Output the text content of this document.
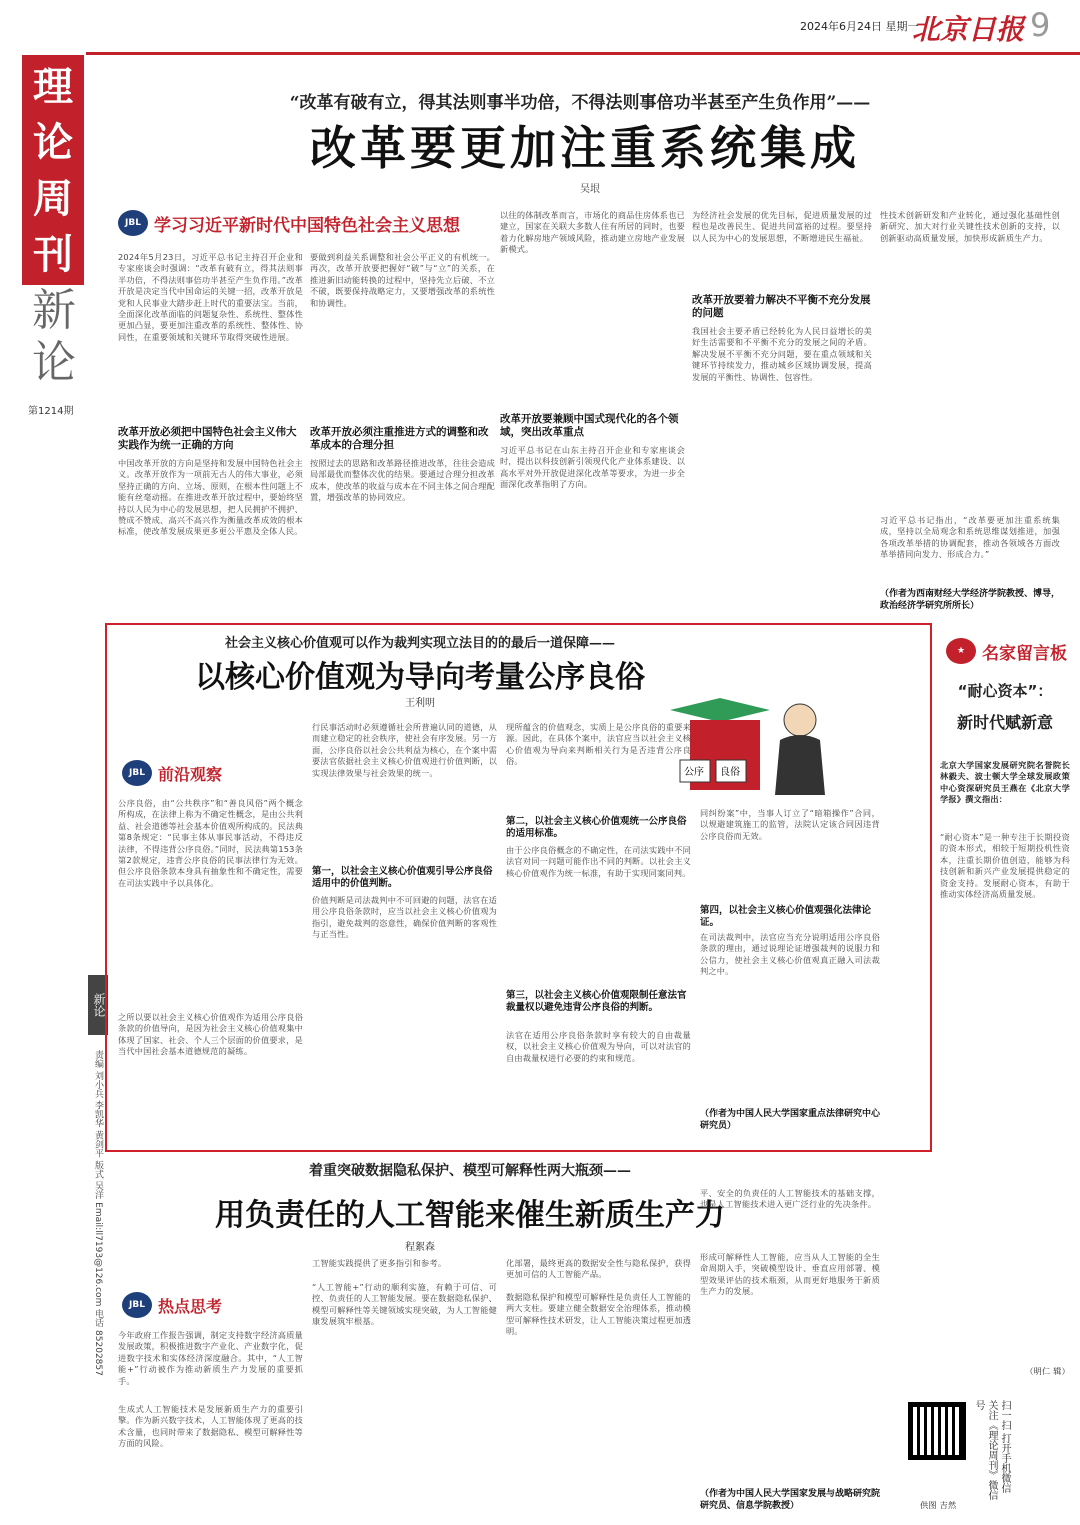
理
论
周
刊
新
论
第1214期
新论
责编 刘小兵 李凯华 黄剑平 版式 吴洋 Email:ll7193@126.com 电话 85202857
2024年6月24日 星期一
北京日报 9
“改革有破有立，得其法则事半功倍，不得法则事倍功半甚至产生负作用”——
改革要更加注重系统集成
吴垠
JBL 学习习近平新时代中国特色社会主义思想
2024年5月23日，习近平总书记主持召开企业和专家座谈会时强调：“改革有破有立，得其法则事半功倍，不得法则事倍功半甚至产生负作用。”改革开放是决定当代中国命运的关键一招，改革开放是党和人民事业大踏步赶上时代的重要法宝。当前，全面深化改革面临的问题复杂性、系统性、整体性更加凸显，要更加注重改革的系统性、整体性、协同性，在重要领域和关键环节取得突破性进展。
改革开放必须把中国特色社会主义伟大实践作为统一正确的方向
中国改革开放的方向是坚持和发展中国特色社会主义。改革开放作为一项前无古人的伟大事业，必须坚持正确的方向、立场、原则，在根本性问题上不能有丝毫动摇。在推进改革开放过程中，要始终坚持以人民为中心的发展思想，把人民拥护不拥护、赞成不赞成、高兴不高兴作为衡量改革成效的根本标准，使改革发展成果更多更公平惠及全体人民。
要做到利益关系调整和社会公平正义的有机统一。再次，改革开放要把握好“破”与“立”的关系，在推进新旧动能转换的过程中，坚持先立后破、不立不破，既要保持战略定力，又要增强改革的系统性和协调性。
改革开放必须注重推进方式的调整和改革成本的合理分担
按照过去的思路和改革路径推进改革，往往会造成局部最优而整体次优的结果。要通过合理分担改革成本，使改革的收益与成本在不同主体之间合理配置，增强改革的协同效应。
以往的体制改革而言，市场化的商品住房体系也已建立，国家在关联大多数人住有所居的同时，也要着力化解房地产领域风险，推动建立房地产业发展新模式。
改革开放要兼顾中国式现代化的各个领域，突出改革重点
习近平总书记在山东主持召开企业和专家座谈会时，提出以科技创新引领现代化产业体系建设、以高水平对外开放促进深化改革等要求，为进一步全面深化改革指明了方向。
为经济社会发展的优先目标，促进质量发展的过程也是改善民生、促进共同富裕的过程。要坚持以人民为中心的发展思想，不断增进民生福祉。
改革开放要着力解决不平衡不充分发展的问题
我国社会主要矛盾已经转化为人民日益增长的美好生活需要和不平衡不充分的发展之间的矛盾。解决发展不平衡不充分问题，要在重点领域和关键环节持续发力，推动城乡区域协调发展，提高发展的平衡性、协调性、包容性。
性技术创新研发和产业转化，通过强化基础性创新研究、加大对行业关键性技术创新的支持，以创新驱动高质量发展，加快形成新质生产力。
习近平总书记指出，“改革要更加注重系统集成，坚持以全局观念和系统思维谋划推进，加强各项改革举措的协调配套，推动各领域各方面改革举措同向发力、形成合力。”
（作者为西南财经大学经济学院教授、博导，政治经济学研究所所长）
社会主义核心价值观可以作为裁判实现立法目的的最后一道保障——
以核心价值观为导向考量公序良俗
王利明
公序 良俗
JBL 前沿观察
公序良俗，由“公共秩序”和“善良风俗”两个概念所构成，在法律上称为不确定性概念，是由公共利益、社会道德等社会基本价值观所构成的。民法典第8条规定：“民事主体从事民事活动，不得违反法律，不得违背公序良俗。”同时，民法典第153条第2款规定，违背公序良俗的民事法律行为无效。但公序良俗条款本身具有抽象性和不确定性，需要在司法实践中予以具体化。
之所以要以社会主义核心价值观作为适用公序良俗条款的价值导向，是因为社会主义核心价值观集中体现了国家、社会、个人三个层面的价值要求，是当代中国社会基本道德规范的凝练。
行民事活动时必须遵循社会所普遍认同的道德，从而建立稳定的社会秩序，使社会有序发展。另一方面，公序良俗以社会公共利益为核心，在个案中需要法官依据社会主义核心价值观进行价值判断，以实现法律效果与社会效果的统一。
第一，以社会主义核心价值观引导公序良俗适用中的价值判断。
价值判断是司法裁判中不可回避的问题，法官在适用公序良俗条款时，应当以社会主义核心价值观为指引，避免裁判的恣意性，确保价值判断的客观性与正当性。
现所蕴含的价值观念，实质上是公序良俗的重要来源。因此，在具体个案中，法官应当以社会主义核心价值观为导向来判断相关行为是否违背公序良俗。
第二，以社会主义核心价值观统一公序良俗的适用标准。
由于公序良俗概念的不确定性，在司法实践中不同法官对同一问题可能作出不同的判断。以社会主义核心价值观作为统一标准，有助于实现同案同判。
第三，以社会主义核心价值观限制任意法官裁量权以避免违背公序良俗的判断。
法官在适用公序良俗条款时享有较大的自由裁量权，以社会主义核心价值观为导向，可以对法官的自由裁量权进行必要的约束和规范。
同纠纷案”中，当事人订立了“暗箱操作”合同，以规避建筑施工的监管，法院认定该合同因违背公序良俗而无效。
第四，以社会主义核心价值观强化法律论证。
在司法裁判中，法官应当充分说明适用公序良俗条款的理由，通过说理论证增强裁判的说服力和公信力，使社会主义核心价值观真正融入司法裁判之中。
（作者为中国人民大学国家重点法律研究中心研究员）
★ 名家留言板
“耐心资本”：
新时代赋新意
北京大学国家发展研究院名誉院长林毅夫、波士顿大学全球发展政策中心资深研究员王燕在《北京大学学报》撰文指出：
“耐心资本”是一种专注于长期投资的资本形式，相较于短期投机性资本，注重长期价值创造，能够为科技创新和新兴产业发展提供稳定的资金支持。发展耐心资本，有助于推动实体经济高质量发展。
（明仁 辑）
着重突破数据隐私保护、模型可解释性两大瓶颈——
用负责任的人工智能来催生新质生产力
程絮森
JBL 热点思考
今年政府工作报告强调，制定支持数字经济高质量发展政策，积极推进数字产业化、产业数字化，促进数字技术和实体经济深度融合。其中，“人工智能+”行动被作为推动新质生产力发展的重要抓手。
生成式人工智能技术是发展新质生产力的重要引擎。作为新兴数字技术，人工智能体现了更高的技术含量，也同时带来了数据隐私、模型可解释性等方面的风险。
工智能实践提供了更多指引和参考。
“人工智能+”行动的顺利实施，有赖于可信、可控、负责任的人工智能发展。要在数据隐私保护、模型可解释性等关键领域实现突破，为人工智能健康发展筑牢根基。
化部署，最终更高的数据安全性与隐私保护，获得更加可信的人工智能产品。
数据隐私保护和模型可解释性是负责任人工智能的两大支柱。要建立健全数据安全治理体系，推动模型可解释性技术研发，让人工智能决策过程更加透明。
平、安全的负责任的人工智能技术的基础支撑，也是人工智能技术进入更广泛行业的先决条件。
形成可解释性人工智能，应当从人工智能的全生命周期入手，突破模型设计、垂直应用部署、模型效果评估的技术瓶颈，从而更好地服务于新质生产力的发展。
（作者为中国人民大学国家发展与战略研究院研究员、信息学院教授）
扫一扫 打开手机微信 关注《理论周刊》微信号
供图 吉然
